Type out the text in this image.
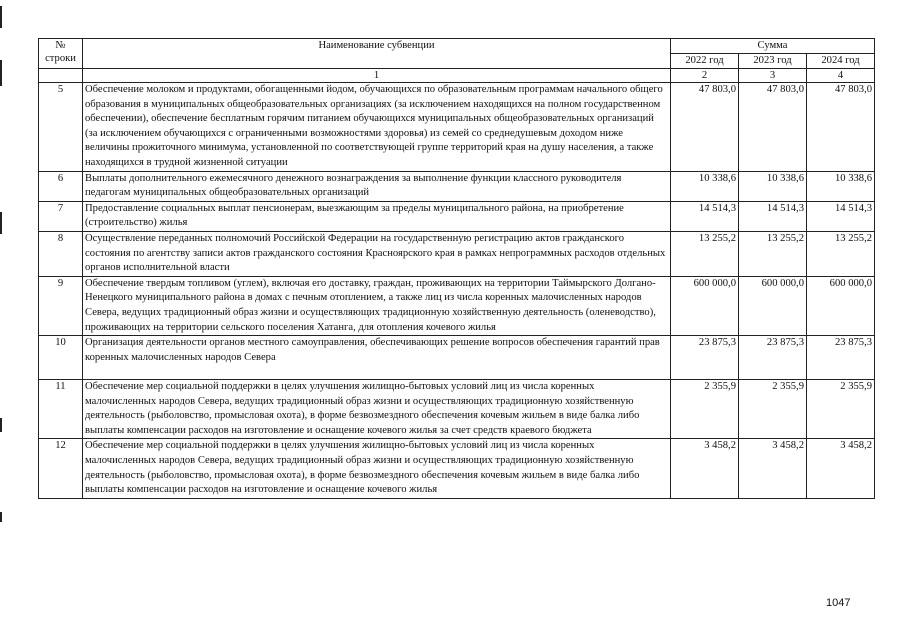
№
строки	Наименование субвенции	Сумма		
		2022 год	2023 год	2024 год
	1	2	3	4
5	Обеспечение молоком и продуктами, обогащенными йодом, обучающихся по образовательным программам начального общего образования в муниципальных общеобразовательных организациях (за исключением находящихся на полном государственном обеспечении), обеспечение бесплатным горячим питанием обучающихся муниципальных общеобразовательных организаций (за исключением обучающихся с ограниченными возможностями здоровья) из семей со среднедушевым доходом ниже величины прожиточного минимума, установленной по соответствующей группе территорий края на душу населения, а также находящихся в трудной жизненной ситуации	47 803,0	47 803,0	47 803,0
6	Выплаты дополнительного ежемесячного денежного вознаграждения за выполнение функции классного руководителя педагогам муниципальных общеобразовательных организаций	10 338,6	10 338,6	10 338,6
7	Предоставление социальных выплат пенсионерам, выезжающим за пределы муниципального района, на приобретение (строительство) жилья	14 514,3	14 514,3	14 514,3
8	Осуществление переданных полномочий Российской Федерации на государственную регистрацию актов гражданского состояния по агентству записи актов гражданского состояния Красноярского края в рамках непрограммных расходов отдельных органов исполнительной власти	13 255,2	13 255,2	13 255,2
9	Обеспечение твердым топливом (углем), включая его доставку, граждан, проживающих на территории Таймырского Долгано-Ненецкого муниципального района в домах с печным отоплением, а также лиц из числа коренных малочисленных народов Севера, ведущих традиционный образ жизни и осуществляющих традиционную хозяйственную деятельность (оленеводство), проживающих на территории сельского поселения Хатанга, для отопления кочевого жилья	600 000,0	600 000,0	600 000,0
10	Организация деятельности органов местного самоуправления, обеспечивающих решение вопросов обеспечения гарантий прав коренных малочисленных народов Севера	23 875,3	23 875,3	23 875,3
11	Обеспечение мер социальной поддержки в целях улучшения жилищно-бытовых условий лиц из числа коренных малочисленных народов Севера, ведущих традиционный образ жизни и осуществляющих традиционную хозяйственную деятельность (рыболовство, промысловая охота), в форме безвозмездного обеспечения кочевым жильем в виде балка либо выплаты компенсации расходов на изготовление и оснащение кочевого жилья за счет средств краевого бюджета	2 355,9	2 355,9	2 355,9
12	Обеспечение мер социальной поддержки в целях улучшения жилищно-бытовых условий лиц из числа коренных малочисленных народов Севера, ведущих традиционный образ жизни и осуществляющих традиционную хозяйственную деятельность (рыболовство, промысловая охота), в форме безвозмездного обеспечения кочевым жильем в виде балка либо выплаты компенсации расходов на изготовление и оснащение кочевого жилья	3 458,2	3 458,2	3 458,2
1047
